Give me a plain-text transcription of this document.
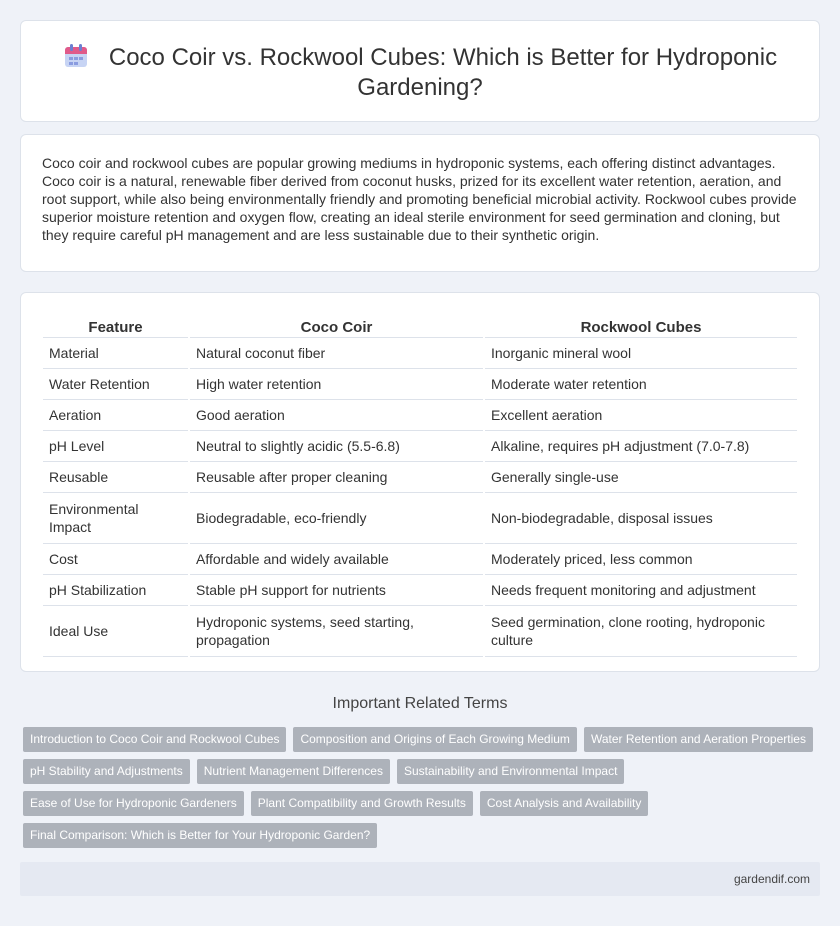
Coco Coir vs. Rockwool Cubes: Which is Better for Hydroponic Gardening?

Coco coir and rockwool cubes are popular growing mediums in hydroponic systems, each offering distinct advantages. Coco coir is a natural, renewable fiber derived from coconut husks, prized for its excellent water retention, aeration, and root support, while also being environmentally friendly and promoting beneficial microbial activity. Rockwool cubes provide superior moisture retention and oxygen flow, creating an ideal sterile environment for seed germination and cloning, but they require careful pH management and are less sustainable due to their synthetic origin.

Feature	Coco Coir	Rockwool Cubes
Material	Natural coconut fiber	Inorganic mineral wool
Water Retention	High water retention	Moderate water retention
Aeration	Good aeration	Excellent aeration
pH Level	Neutral to slightly acidic (5.5-6.8)	Alkaline, requires pH adjustment (7.0-7.8)
Reusable	Reusable after proper cleaning	Generally single-use
Environmental Impact	Biodegradable, eco-friendly	Non-biodegradable, disposal issues
Cost	Affordable and widely available	Moderately priced, less common
pH Stabilization	Stable pH support for nutrients	Needs frequent monitoring and adjustment
Ideal Use	Hydroponic systems, seed starting, propagation	Seed germination, clone rooting, hydroponic culture
Important Related Terms
Introduction to Coco Coir and Rockwool Cubes	Composition and Origins of Each Growing Medium	Water Retention and Aeration Properties
pH Stability and Adjustments	Nutrient Management Differences	Sustainability and Environmental Impact
Ease of Use for Hydroponic Gardeners	Plant Compatibility and Growth Results	Cost Analysis and Availability
Final Comparison: Which is Better for Your Hydroponic Garden?
gardendif.com
